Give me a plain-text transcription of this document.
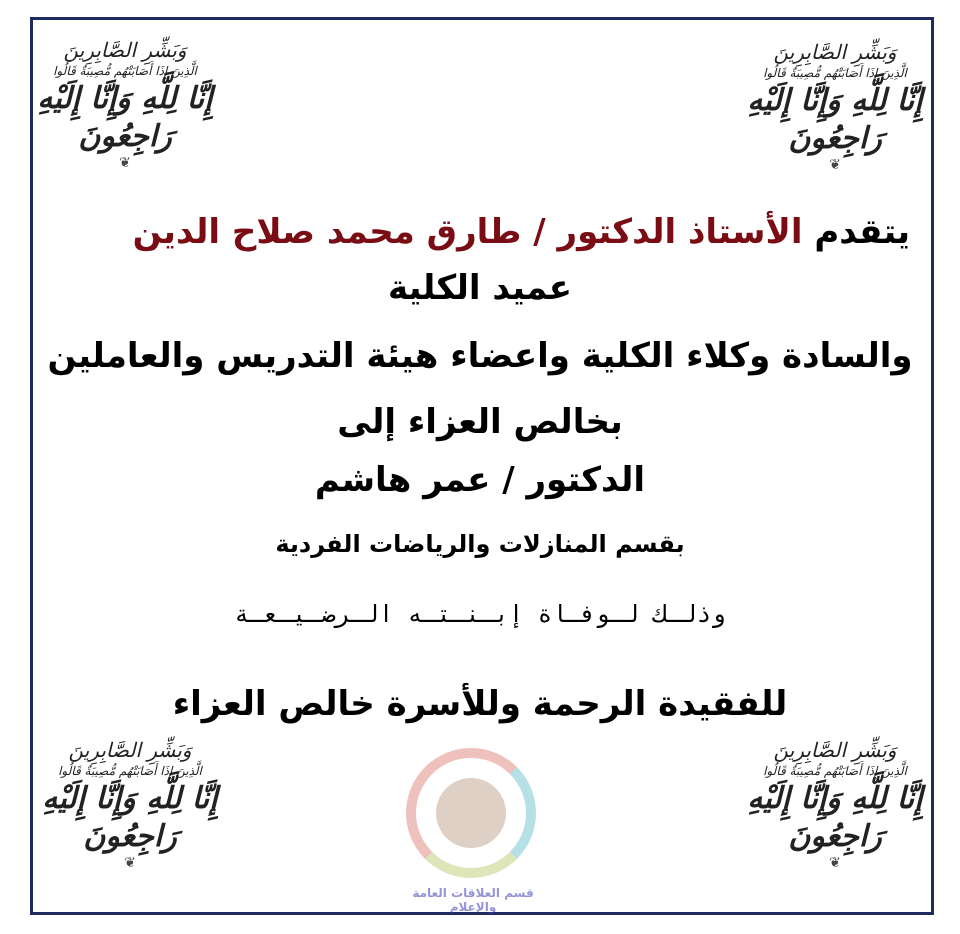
وَبَشِّرِ الصَّابِرِينَ
الَّذِينَ إِذَا أَصَابَتْهُم مُّصِيبَةٌ قَالُوا
إِنَّا لِلَّهِ وَإِنَّا إِلَيْهِ رَاجِعُونَ
❦
وَبَشِّرِ الصَّابِرِينَ
الَّذِينَ إِذَا أَصَابَتْهُم مُّصِيبَةٌ قَالُوا
إِنَّا لِلَّهِ وَإِنَّا إِلَيْهِ رَاجِعُونَ
❦
وَبَشِّرِ الصَّابِرِينَ
الَّذِينَ إِذَا أَصَابَتْهُم مُّصِيبَةٌ قَالُوا
إِنَّا لِلَّهِ وَإِنَّا إِلَيْهِ رَاجِعُونَ
❦
وَبَشِّرِ الصَّابِرِينَ
الَّذِينَ إِذَا أَصَابَتْهُم مُّصِيبَةٌ قَالُوا
إِنَّا لِلَّهِ وَإِنَّا إِلَيْهِ رَاجِعُونَ
❦
يتقدم الأستاذ الدكتور / طارق محمد صلاح الدين
عميد الكلية
والسادة وكلاء الكلية واعضاء هيئة التدريس والعاملين
بخالص العزاء إلى
الدكتور / عمر هاشم
بقسم المنازلات والرياضات الفردية
وذلـك لـوفـاة إبـنـتـه الـرضـيـعـة
للفقيدة الرحمة وللأسرة خالص العزاء
قسم العلاقات العامة والإعلام
